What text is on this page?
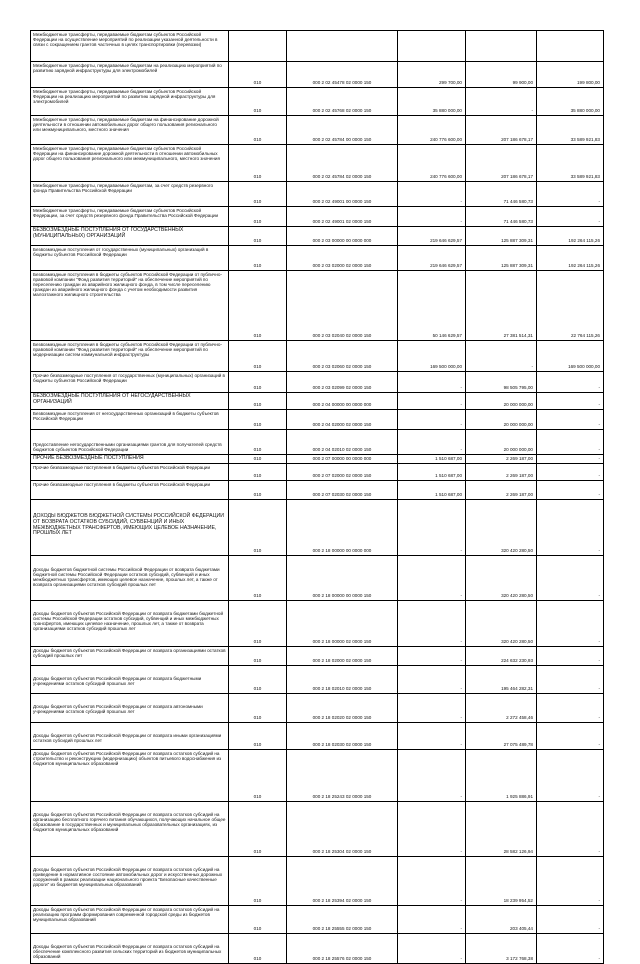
Межбюджетные трансферты, передаваемые бюджетам субъектов Российской Федерации на осуществление мероприятий по реализации указанной деятельности в связи с сокращением грантов частичных в целях транспортировки (перевозки)					

Межбюджетные трансферты, передаваемые бюджетам на реализацию мероприятий по развитию зарядной инфраструктуры для электромобилей	010	000 2 02 45478 02 0000 150	299 700,00	99 900,00	199 800,00

Межбюджетные трансферты, передаваемые бюджетам субъектов Российской Федерации на реализацию мероприятий по развитию зарядной инфраструктуры для электромобилей	010	000 2 02 45768 02 0000 150	35 880 000,00	-	35 880 000,00

Межбюджетные трансферты, передаваемые бюджетам на финансирование дорожной деятельности в отношении автомобильных дорог общего пользования регионального или межмуниципального, местного значения	010	000 2 02 45784 00 0000 150	240 776 600,00	207 186 678,17	33 589 921,83

Межбюджетные трансферты, передаваемые бюджетам субъектов Российской Федерации на финансирование дорожной деятельности в отношении автомобильных дорог общего пользования регионального или межмуниципального, местного значения	010	000 2 02 45784 02 0000 150	240 776 600,00	207 186 678,17	33 589 921,83

Межбюджетные трансферты, передаваемые бюджетам, за счет средств резервного фонда Правительства Российской Федерации	010	000 2 02 49001 00 0000 150	-	71 446 580,73	-

Межбюджетные трансферты, передаваемые бюджетам субъектов Российской Федерации, за счет средств резервного фонда Правительства Российской Федерации	010	000 2 02 49001 02 0000 150	-	71 446 580,73	-

БЕЗВОЗМЕЗДНЫЕ ПОСТУПЛЕНИЯ ОТ ГОСУДАРСТВЕННЫХ (МУНИЦИПАЛЬНЫХ) ОРГАНИЗАЦИЙ	010	000 2 03 00000 00 0000 000	219 646 629,57	125 887 309,31	192 264 115,26

Безвозмездные поступления от государственных (муниципальных) организаций в бюджеты субъектов Российской Федерации	010	000 2 03 02000 02 0000 150	219 646 629,57	125 887 309,31	192 264 115,26

Безвозмездные поступления в бюджеты субъектов Российской Федерации от публично-правовой компании "Фонд развития территорий" на обеспечение мероприятий по переселению граждан из аварийного жилищного фонда, в том числе переселению граждан из аварийного жилищного фонда с учетом необходимости развития малоэтажного жилищного строительства	010	000 2 03 02040 02 0000 150	50 146 629,57	27 381 514,31	22 764 115,26

Безвозмездные поступления в бюджеты субъектов Российской Федерации от публично-правовой компании "Фонд развития территорий" на обеспечение мероприятий по модернизации систем коммунальной инфраструктуры	010	000 2 03 02060 02 0000 150	169 500 000,00	-	169 500 000,00

Прочие безвозмездные поступления от государственных (муниципальных) организаций в бюджеты субъектов Российской Федерации	010	000 2 03 02099 02 0000 150	-	98 505 795,00	-

БЕЗВОЗМЕЗДНЫЕ ПОСТУПЛЕНИЯ ОТ НЕГОСУДАРСТВЕННЫХ ОРГАНИЗАЦИЙ	010	000 2 04 00000 00 0000 000	-	20 000 000,00	-

Безвозмездные поступления от негосударственных организаций в бюджеты субъектов Российской Федерации	010	000 2 04 02000 02 0000 150	-	20 000 000,00	-

Предоставление негосударственными организациями грантов для получателей средств бюджетов субъектов Российской Федерации	010	000 2 04 02010 02 0000 150	-	20 000 000,00	-

ПРОЧИЕ БЕЗВОЗМЕЗДНЫЕ ПОСТУПЛЕНИЯ	010	000 2 07 00000 00 0000 000	1 510 687,00	2 269 187,00	-

Прочие безвозмездные поступления в бюджеты субъектов Российской Федерации	010	000 2 07 02000 02 0000 150	1 510 687,00	2 269 187,00	-

Прочие безвозмездные поступления в бюджеты субъектов Российской Федерации	010	000 2 07 02030 02 0000 150	1 510 687,00	2 269 187,00	-

ДОХОДЫ БЮДЖЕТОВ БЮДЖЕТНОЙ СИСТЕМЫ РОССИЙСКОЙ ФЕДЕРАЦИИ ОТ ВОЗВРАТА ОСТАТКОВ СУБСИДИЙ, СУБВЕНЦИЙ И ИНЫХ МЕЖБЮДЖЕТНЫХ ТРАНСФЕРТОВ, ИМЕЮЩИХ ЦЕЛЕВОЕ НАЗНАЧЕНИЕ, ПРОШЛЫХ ЛЕТ	010	000 2 18 00000 00 0000 000	-	320 420 280,50	-

Доходы бюджетов бюджетной системы Российской Федерации от возврата бюджетами бюджетной системы Российской Федерации остатков субсидий, субвенций и иных межбюджетных трансфертов, имеющих целевое назначение, прошлых лет, а также от возврата организациями остатков субсидий прошлых лет	010	000 2 18 00000 00 0000 150	-	320 420 280,50	-

Доходы бюджетов субъектов Российской Федерации от возврата бюджетами бюджетной системы Российской Федерации остатков субсидий, субвенций и иных межбюджетных трансфертов, имеющих целевое назначение, прошлых лет, а также от возврата организациями остатков субсидий прошлых лет	010	000 2 18 00000 02 0000 150	-	320 420 280,50	-

Доходы бюджетов субъектов Российской Федерации от возврата организациями остатков субсидий прошлых лет	010	000 2 18 02000 02 0000 150	-	224 632 230,93	-

Доходы бюджетов субъектов Российской Федерации от возврата бюджетными учреждениями остатков субсидий прошлых лет	010	000 2 18 02010 02 0000 150	-	195 464 282,31	-

Доходы бюджетов субъектов Российской Федерации от возврата автономными учреждениями остатков субсидий прошлых лет	010	000 2 18 02020 02 0000 150	-	2 272 458,46	-

Доходы бюджетов субъектов Российской Федерации от возврата иными организациями остатков субсидий прошлых лет	010	000 2 18 02030 02 0000 150	-	27 075 489,78	-

Доходы бюджетов субъектов Российской Федерации от возврата остатков субсидий на строительство и реконструкцию (модернизацию) объектов питьевого водоснабжения из бюджетов муниципальных образований	010	000 2 18 25243 02 0000 150	-	1 925 886,91	-

Доходы бюджетов субъектов Российской Федерации от возврата остатков субсидий на организацию бесплатного горячего питания обучающихся, получающих начальное общее образование в государственных и муниципальных образовательных организациях, из бюджетов муниципальных образований	010	000 2 18 25304 02 0000 150	-	28 582 126,94	-

Доходы бюджетов субъектов Российской Федерации от возврата остатков субсидий на приведение в нормативное состояние автомобильных дорог и искусственных дорожных сооружений в рамках реализации национального проекта "Безопасные качественные дороги" из бюджетов муниципальных образований	010	000 2 18 25394 02 0000 150	-	18 239 954,52	-

Доходы бюджетов субъектов Российской Федерации от возврата остатков субсидий на реализацию программ формирования современной городской среды из бюджетов муниципальных образований	010	000 2 18 25555 02 0000 150	-	203 405,44	-

Доходы бюджетов субъектов Российской Федерации от возврата остатков субсидий на обеспечение комплексного развития сельских территорий из бюджетов муниципальных образований	010	000 2 18 25576 02 0000 150	-	3 172 768,38	-
